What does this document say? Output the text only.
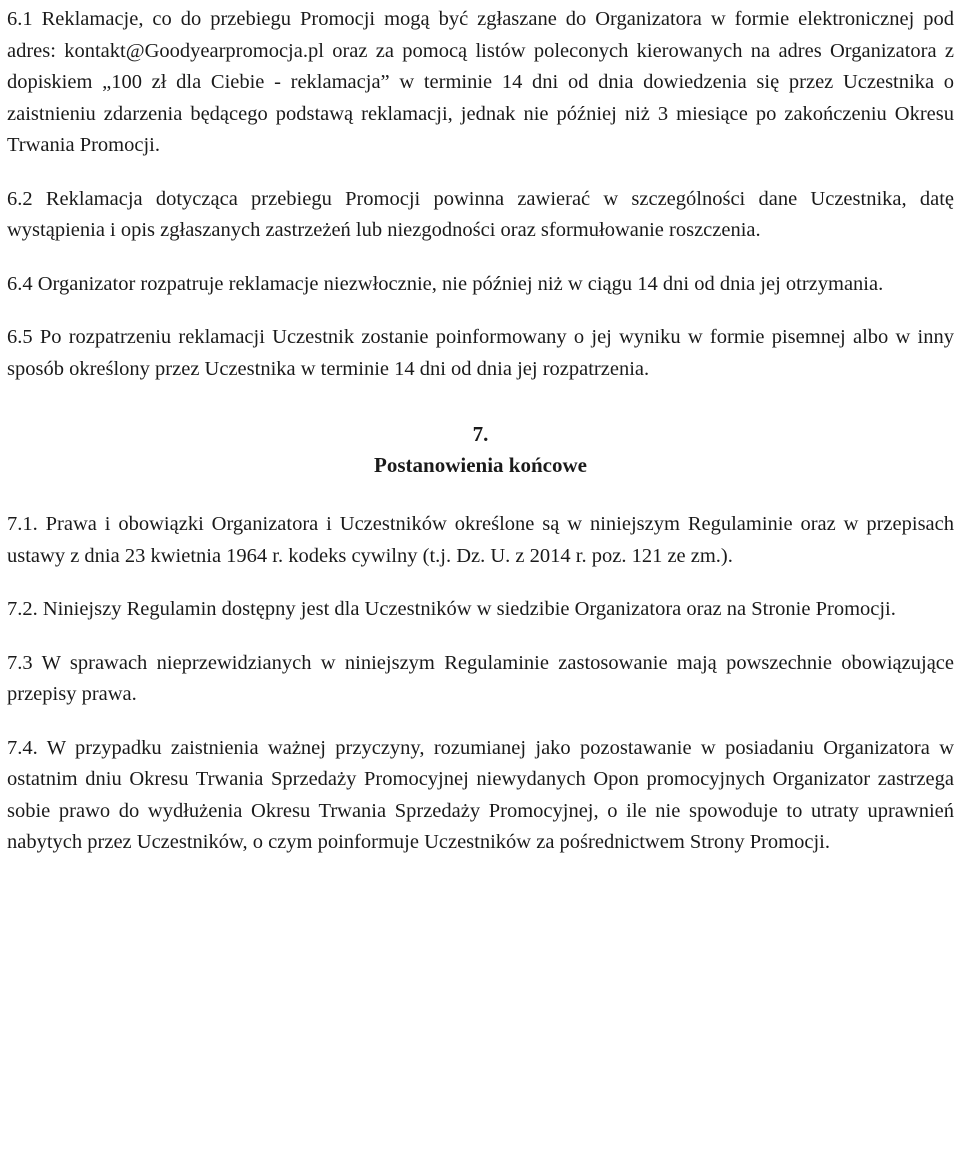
6.1 Reklamacje, co do przebiegu Promocji mogą być zgłaszane do Organizatora w formie elektronicznej pod adres: kontakt@Goodyearpromocja.pl oraz za pomocą listów poleconych kierowanych na adres Organizatora z dopiskiem „100 zł dla Ciebie - reklamacja” w terminie 14 dni od dnia dowiedzenia się przez Uczestnika o zaistnieniu zdarzenia będącego podstawą reklamacji, jednak nie później niż 3 miesiące po zakończeniu Okresu Trwania Promocji.

6.2 Reklamacja dotycząca przebiegu Promocji powinna zawierać w szczególności dane Uczestnika, datę wystąpienia i opis zgłaszanych zastrzeżeń lub niezgodności oraz sformułowanie roszczenia.

6.4 Organizator rozpatruje reklamacje niezwłocznie, nie później niż w ciągu 14 dni od dnia jej otrzymania.

6.5 Po rozpatrzeniu reklamacji Uczestnik zostanie poinformowany o jej wyniku w formie pisemnej albo w inny sposób określony przez Uczestnika w terminie 14 dni od dnia jej rozpatrzenia.

7.
Postanowienia końcowe

7.1. Prawa i obowiązki Organizatora i Uczestników określone są w niniejszym Regulaminie oraz w przepisach ustawy z dnia 23 kwietnia 1964 r. kodeks cywilny (t.j. Dz. U. z 2014 r. poz. 121 ze zm.).

7.2. Niniejszy Regulamin dostępny jest dla Uczestników w siedzibie Organizatora oraz na Stronie Promocji.

7.3 W sprawach nieprzewidzianych w niniejszym Regulaminie zastosowanie mają powszechnie obowiązujące przepisy prawa.

7.4. W przypadku zaistnienia ważnej przyczyny, rozumianej jako pozostawanie w posiadaniu Organizatora w ostatnim dniu Okresu Trwania Sprzedaży Promocyjnej niewydanych Opon promocyjnych Organizator zastrzega sobie prawo do wydłużenia Okresu Trwania Sprzedaży Promocyjnej, o ile nie spowoduje to utraty uprawnień nabytych przez Uczestników, o czym poinformuje Uczestników za pośrednictwem Strony Promocji.
